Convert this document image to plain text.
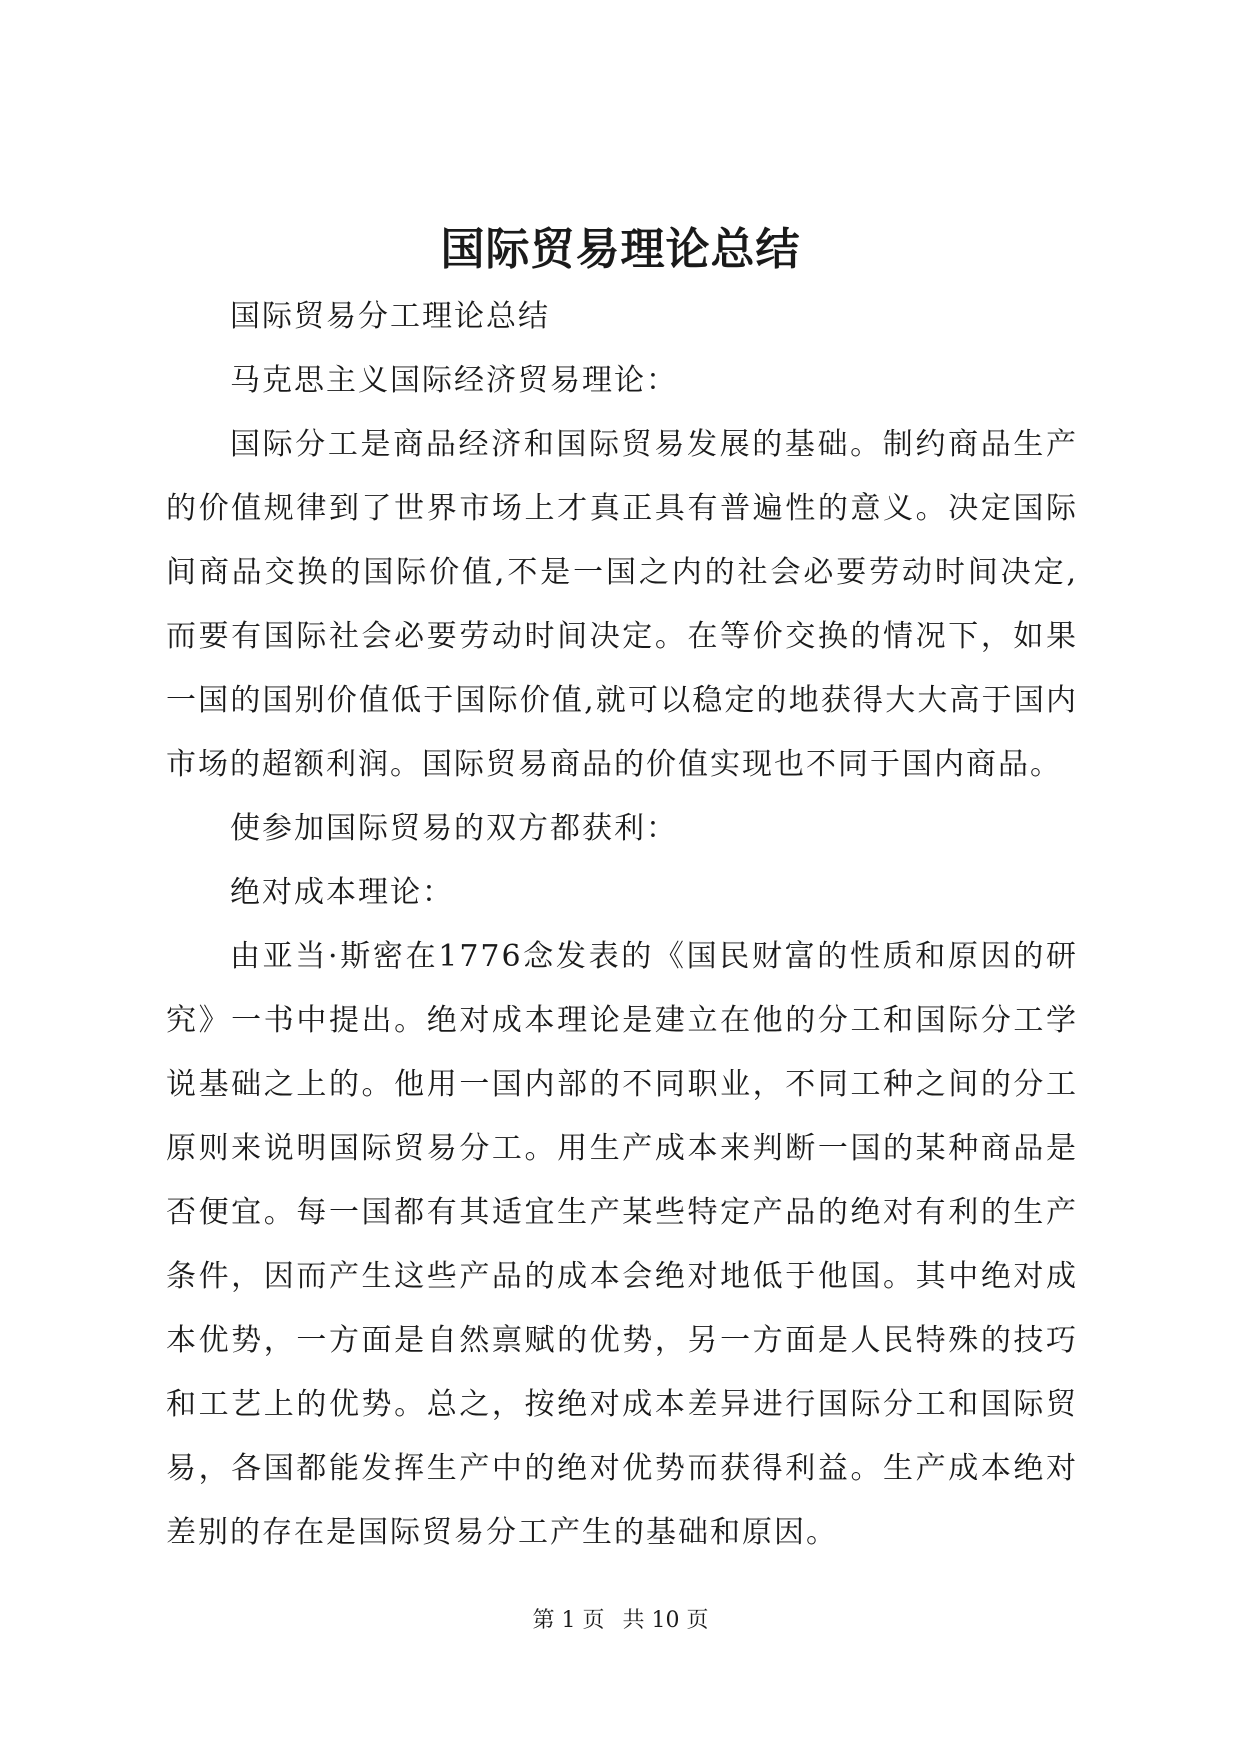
国际贸易理论总结

国际贸易分工理论总结

马克思主义国际经济贸易理论：

国际分工是商品经济和国际贸易发展的基础。制约商品生产的价值规律到了世界市场上才真正具有普遍性的意义。决定国际间商品交换的国际价值,不是一国之内的社会必要劳动时间决定,而要有国际社会必要劳动时间决定。在等价交换的情况下，如果一国的国别价值低于国际价值,就可以稳定的地获得大大高于国内市场的超额利润。国际贸易商品的价值实现也不同于国内商品。

使参加国际贸易的双方都获利：

绝对成本理论：

由亚当·斯密在1776念发表的《国民财富的性质和原因的研究》一书中提出。绝对成本理论是建立在他的分工和国际分工学说基础之上的。他用一国内部的不同职业，不同工种之间的分工原则来说明国际贸易分工。用生产成本来判断一国的某种商品是否便宜。每一国都有其适宜生产某些特定产品的绝对有利的生产条件，因而产生这些产品的成本会绝对地低于他国。其中绝对成本优势，一方面是自然禀赋的优势，另一方面是人民特殊的技巧和工艺上的优势。总之，按绝对成本差异进行国际分工和国际贸易，各国都能发挥生产中的绝对优势而获得利益。生产成本绝对差别的存在是国际贸易分工产生的基础和原因。

第 1 页 共 10 页
